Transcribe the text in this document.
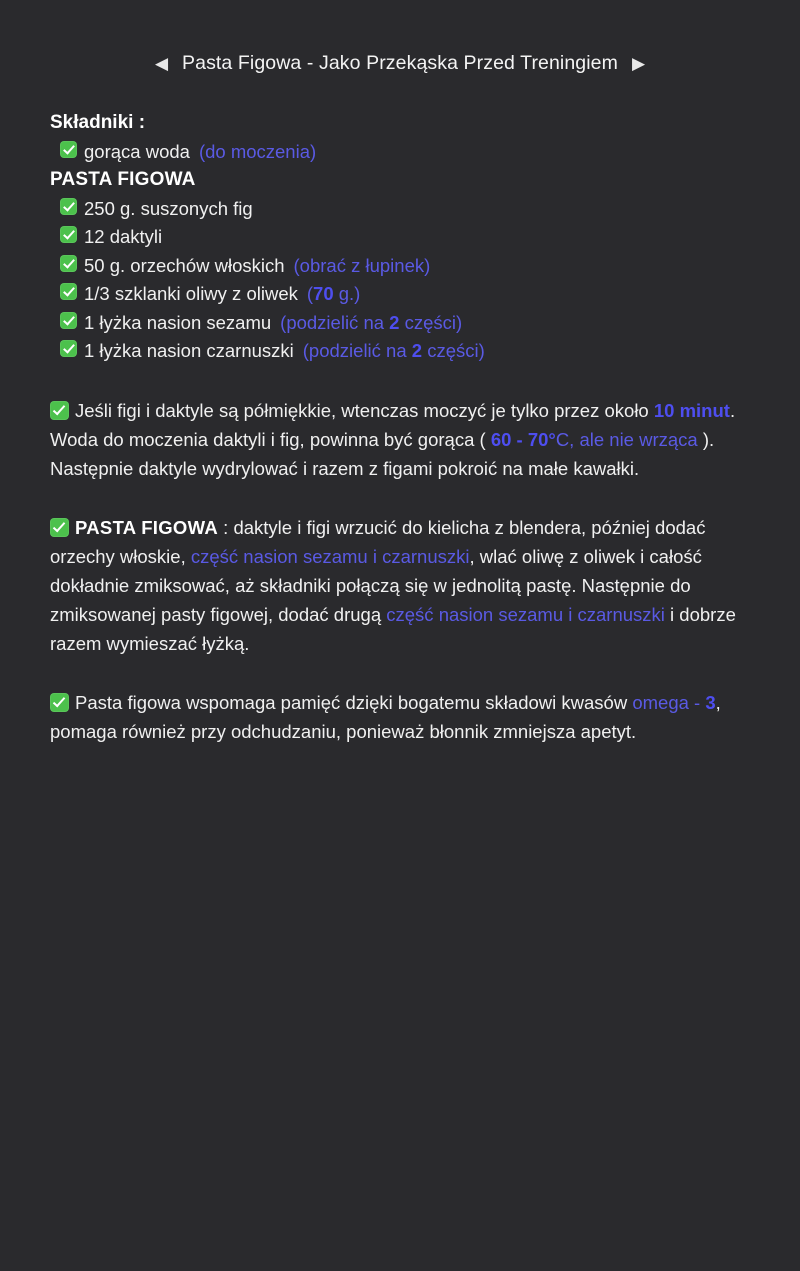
◀ Pasta Figowa - Jako Przekąska Przed Treningiem ▶
Składniki :
gorąca woda (do moczenia)
PASTA FIGOWA
250 g. suszonych fig
12 daktyli
50 g. orzechów włoskich (obrać z łupinek)
1/3 szklanki oliwy z oliwek (70 g.)
1 łyżka nasion sezamu (podzielić na 2 części)
1 łyżka nasion czarnuszki (podzielić na 2 części)
Jeśli figi i daktyle są półmiękkie, wtenczas moczyć je tylko przez około 10 minut. Woda do moczenia daktyli i fig, powinna być gorąca ( 60 - 70°C, ale nie wrząca ). Następnie daktyle wydrylować i razem z figami pokroić na małe kawałki.
PASTA FIGOWA : daktyle i figi wrzucić do kielicha z blendera, później dodać orzechy włoskie, część nasion sezamu i czarnuszki, wlać oliwę z oliwek i całość dokładnie zmiksować, aż składniki połączą się w jednolitą pastę. Następnie do zmiksowanej pasty figowej, dodać drugą część nasion sezamu i czarnuszki i dobrze razem wymieszać łyżką.
Pasta figowa wspomaga pamięć dzięki bogatemu składowi kwasów omega - 3, pomaga również przy odchudzaniu, ponieważ błonnik zmniejsza apetyt.
